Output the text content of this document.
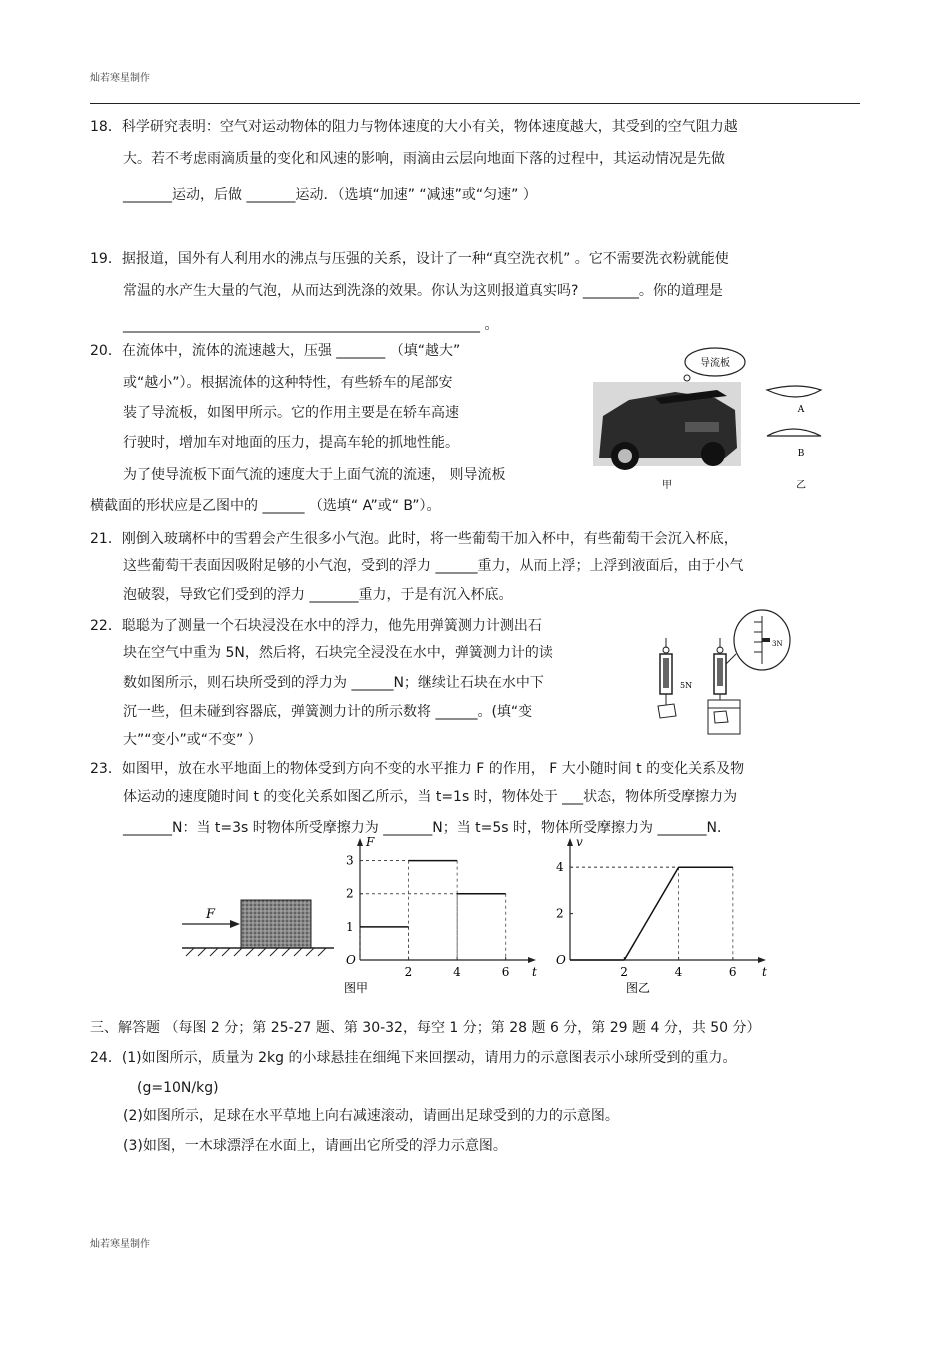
灿若寒星制作
18．科学研究表明：空气对运动物体的阻力与物体速度的大小有关，物体速度越大，其受到的空气阻力越
大。若不考虑雨滴质量的变化和风速的影响，雨滴由云层向地面下落的过程中，其运动情况是先做
_______运动，后做 _______运动．（选填“加速” “减速”或“匀速” ）
19．据报道，国外有人利用水的沸点与压强的关系，设计了一种“真空洗衣机” 。它不需要洗衣粉就能使
常温的水产生大量的气泡，从而达到洗涤的效果。你认为这则报道真实吗? ________。你的道理是
___________________________________________________ 。
20．在流体中，流体的流速越大，压强 _______ （填“越大”
或“越小”）。根据流体的这种特性，有些轿车的尾部安
装了导流板，如图甲所示。它的作用主要是在轿车高速
行驶时，增加车对地面的压力，提高车轮的抓地性能。
为了使导流板下面气流的速度大于上面气流的流速， 则导流板
横截面的形状应是乙图中的 ______ （选填“ A”或“ B”）。
导流板
A
B
甲	乙
21．刚倒入玻璃杯中的雪碧会产生很多小气泡。此时，将一些葡萄干加入杯中，有些葡萄干会沉入杯底，
这些葡萄干表面因吸附足够的小气泡，受到的浮力 ______重力，从而上浮；上浮到液面后，由于小气
泡破裂，导致它们受到的浮力 _______重力，于是有沉入杯底。
22．聪聪为了测量一个石块浸没在水中的浮力，他先用弹簧测力计测出石
块在空气中重为 5N，然后将，石块完全浸没在水中，弹簧测力计的读
数如图所示，则石块所受到的浮力为 ______N；继续让石块在水中下
沉一些，但未碰到容器底，弹簧测力计的所示数将 ______。(填“变
大”“变小”或“不变” ）
5N
3N
23．如图甲，放在水平地面上的物体受到方向不变的水平推力 F 的作用， F 大小随时间 t 的变化关系及物
体运动的速度随时间 t 的变化关系如图乙所示，当 t=1s 时，物体处于 ___状态，物体所受摩擦力为
_______N：当 t=3s 时物体所受摩擦力为 _______N；当 t=5s 时，物体所受摩擦力为 _______N．
F
O
F
t
2	4	6
1
2
3
O
v
t
2	4	6
2
4
图甲	图乙
三、解答题 （每图 2 分；第 25-27 题、第 30-32，每空 1 分；第 28 题 6 分，第 29 题 4 分，共 50 分）
24．(1)如图所示，质量为 2kg 的小球悬挂在细绳下来回摆动，请用力的示意图表示小球所受到的重力。
(g=10N/kg)
(2)如图所示，足球在水平草地上向右减速滚动，请画出足球受到的力的示意图。
(3)如图，一木球漂浮在水面上，请画出它所受的浮力示意图。
灿若寒星制作
